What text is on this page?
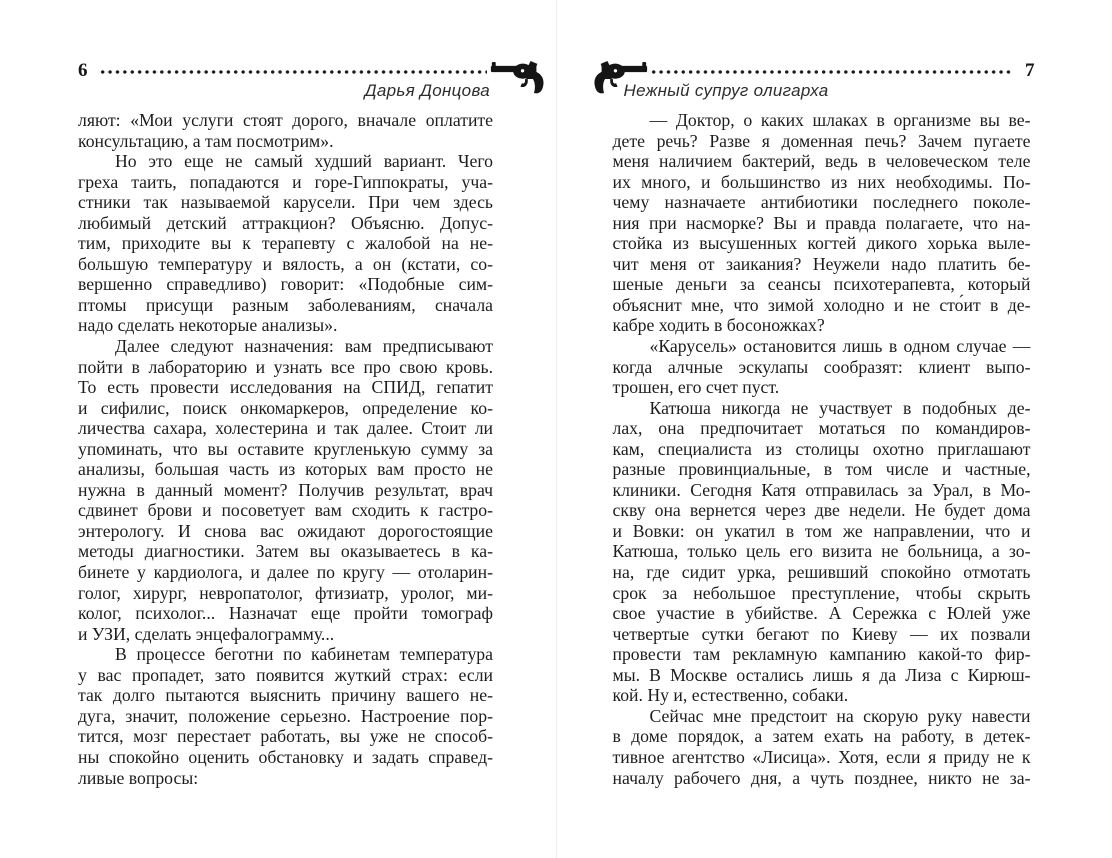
6
Дарья Донцова
ляют: «Мои услуги стоят дорого, вначале оплатите
консультацию, а там посмотрим».
Но это еще не самый худший вариант. Чего
греха таить, попадаются и горе-Гиппократы, уча-
стники так называемой карусели. При чем здесь
любимый детский аттракцион? Объясню. Допус-
тим, приходите вы к терапевту с жалобой на не-
большую температуру и вялость, а он (кстати, со-
вершенно справедливо) говорит: «Подобные сим-
птомы присущи разным заболеваниям, сначала
надо сделать некоторые анализы».
Далее следуют назначения: вам предписывают
пойти в лабораторию и узнать все про свою кровь.
То есть провести исследования на СПИД, гепатит
и сифилис, поиск онкомаркеров, определение ко-
личества сахара, холестерина и так далее. Стоит ли
упоминать, что вы оставите кругленькую сумму за
анализы, большая часть из которых вам просто не
нужна в данный момент? Получив результат, врач
сдвинет брови и посоветует вам сходить к гастро-
энтерологу. И снова вас ожидают дорогостоящие
методы диагностики. Затем вы оказываетесь в ка-
бинете у кардиолога, и далее по кругу — отоларин-
голог, хирург, невропатолог, фтизиатр, уролог, ми-
колог, психолог... Назначат еще пройти томограф
и УЗИ, сделать энцефалограмму...
В процессе беготни по кабинетам температура
у вас пропадет, зато появится жуткий страх: если
так долго пытаются выяснить причину вашего не-
дуга, значит, положение серьезно. Настроение пор-
тится, мозг перестает работать, вы уже не способ-
ны спокойно оценить обстановку и задать справед-
ливые вопросы:
7
Нежный супруг олигарха
— Доктор, о каких шлаках в организме вы ве-
дете речь? Разве я доменная печь? Зачем пугаете
меня наличием бактерий, ведь в человеческом теле
их много, и большинство из них необходимы. По-
чему назначаете антибиотики последнего поколе-
ния при насморке? Вы и правда полагаете, что на-
стойка из высушенных когтей дикого хорька выле-
чит меня от заикания? Неужели надо платить бе-
шеные деньги за сеансы психотерапевта, который
объяснит мне, что зимой холодно и не сто́ит в де-
кабре ходить в босоножках?
«Карусель» остановится лишь в одном случае —
когда алчные эскулапы сообразят: клиент выпо-
трошен, его счет пуст.
Катюша никогда не участвует в подобных де-
лах, она предпочитает мотаться по командиров-
кам, специалиста из столицы охотно приглашают
разные провинциальные, в том числе и частные,
клиники. Сегодня Катя отправилась за Урал, в Мо-
скву она вернется через две недели. Не будет дома
и Вовки: он укатил в том же направлении, что и
Катюша, только цель его визита не больница, а зо-
на, где сидит урка, решивший спокойно отмотать
срок за небольшое преступление, чтобы скрыть
свое участие в убийстве. А Сережка с Юлей уже
четвертые сутки бегают по Киеву — их позвали
провести там рекламную кампанию какой-то фир-
мы. В Москве остались лишь я да Лиза с Кирюш-
кой. Ну и, естественно, собаки.
Сейчас мне предстоит на скорую руку навести
в доме порядок, а затем ехать на работу, в детек-
тивное агентство «Лисица». Хотя, если я приду не к
началу рабочего дня, а чуть позднее, никто не за-
